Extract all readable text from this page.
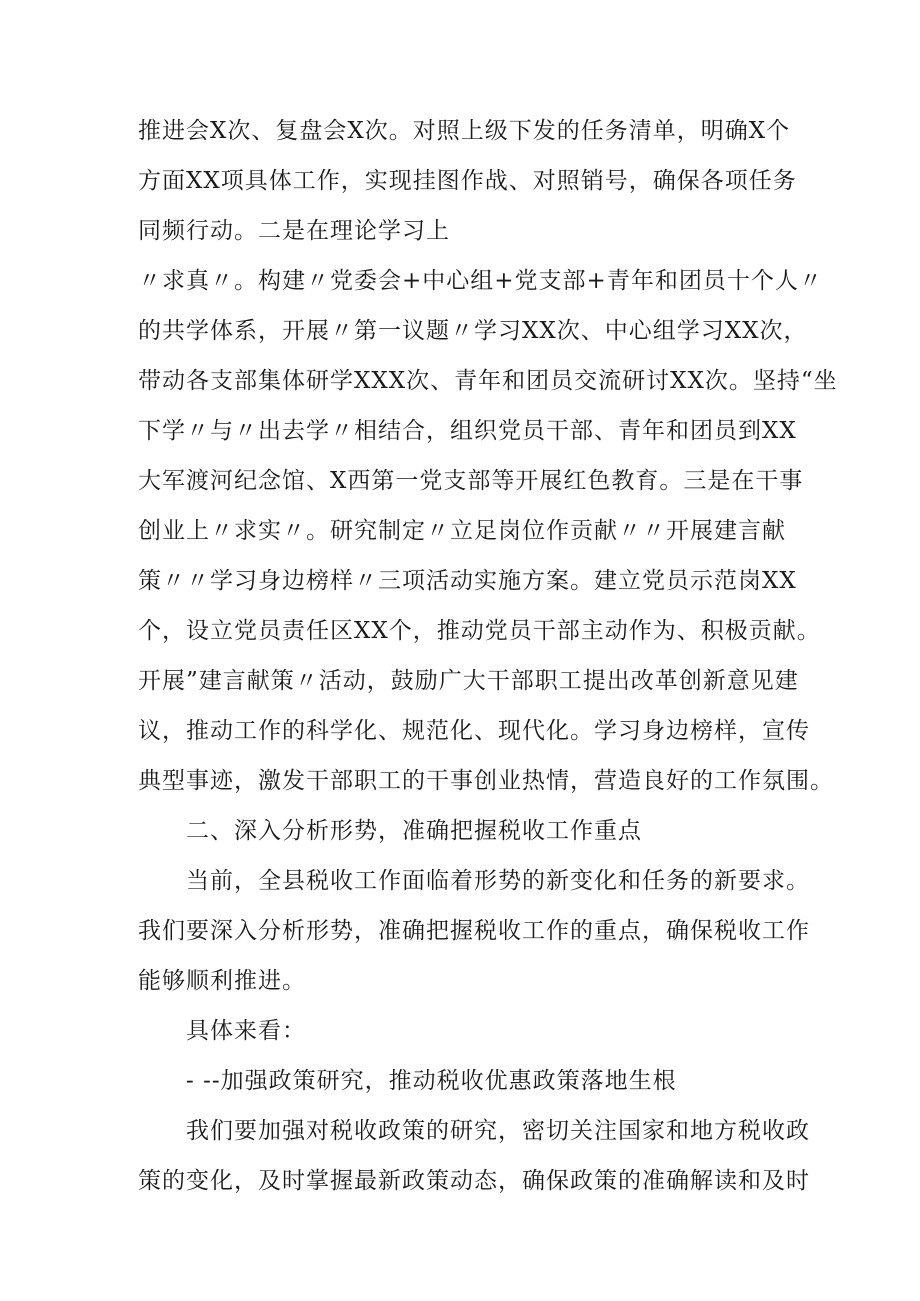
推进会X次、复盘会X次。对照上级下发的任务清单，明确X个
方面XX项具体工作，实现挂图作战、对照销号，确保各项任务
同频行动。二是在理论学习上
〃求真〃。构建〃党委会+中心组+党支部+青年和团员十个人〃
的共学体系，开展〃第一议题〃学习XX次、中心组学习XX次，
带动各支部集体研学XXX次、青年和团员交流研讨XX次。坚持“坐
下学〃与〃出去学〃相结合，组织党员干部、青年和团员到XX
大军渡河纪念馆、X西第一党支部等开展红色教育。三是在干事
创业上〃求实〃。研究制定〃立足岗位作贡献〃〃开展建言献
策〃〃学习身边榜样〃三项活动实施方案。建立党员示范岗XX
个，设立党员责任区XX个，推动党员干部主动作为、积极贡献。
开展”建言献策〃活动，鼓励广大干部职工提出改革创新意见建
议，推动工作的科学化、规范化、现代化。学习身边榜样，宣传
典型事迹，激发干部职工的干事创业热情，营造良好的工作氛围。
二、深入分析形势，准确把握税收工作重点
当前，全县税收工作面临着形势的新变化和任务的新要求。
我们要深入分析形势，准确把握税收工作的重点，确保税收工作
能够顺利推进。
具体来看：
- --加强政策研究，推动税收优惠政策落地生根
我们要加强对税收政策的研究，密切关注国家和地方税收政
策的变化，及时掌握最新政策动态，确保政策的准确解读和及时
